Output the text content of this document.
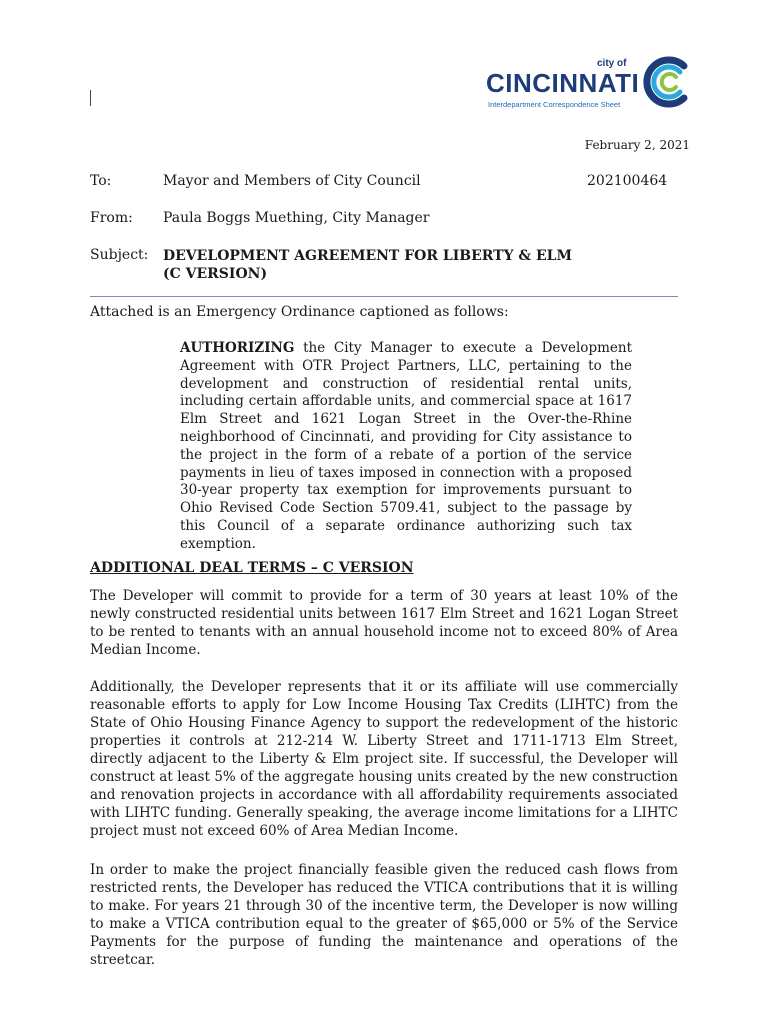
city of
CINCINNATI
Interdepartment Correspondence Sheet
February 2, 2021
To:	Mayor and Members of City Council	202100464
From: Paula Boggs Muething, City Manager
Subject: DEVELOPMENT AGREEMENT FOR LIBERTY & ELM
(C VERSION)
Attached is an Emergency Ordinance captioned as follows:
AUTHORIZING the City Manager to execute a Development Agreement with OTR Project Partners, LLC, pertaining to the development and construction of residential rental units, including certain affordable units, and commercial space at 1617 Elm Street and 1621 Logan Street in the Over-the-Rhine neighborhood of Cincinnati, and providing for City assistance to the project in the form of a rebate of a portion of the service payments in lieu of taxes imposed in connection with a proposed 30-year property tax exemption for improvements pursuant to Ohio Revised Code Section 5709.41, subject to the passage by this Council of a separate ordinance authorizing such tax exemption.
ADDITIONAL DEAL TERMS – C VERSION
The Developer will commit to provide for a term of 30 years at least 10% of the newly constructed residential units between 1617 Elm Street and 1621 Logan Street to be rented to tenants with an annual household income not to exceed 80% of Area Median Income.
Additionally, the Developer represents that it or its affiliate will use commercially reasonable efforts to apply for Low Income Housing Tax Credits (LIHTC) from the State of Ohio Housing Finance Agency to support the redevelopment of the historic properties it controls at 212-214 W. Liberty Street and 1711-1713 Elm Street, directly adjacent to the Liberty & Elm project site. If successful, the Developer will construct at least 5% of the aggregate housing units created by the new construction and renovation projects in accordance with all affordability requirements associated with LIHTC funding. Generally speaking, the average income limitations for a LIHTC project must not exceed 60% of Area Median Income.
In order to make the project financially feasible given the reduced cash flows from restricted rents, the Developer has reduced the VTICA contributions that it is willing to make. For years 21 through 30 of the incentive term, the Developer is now willing to make a VTICA contribution equal to the greater of $65,000 or 5% of the Service Payments for the purpose of funding the maintenance and operations of the streetcar.
